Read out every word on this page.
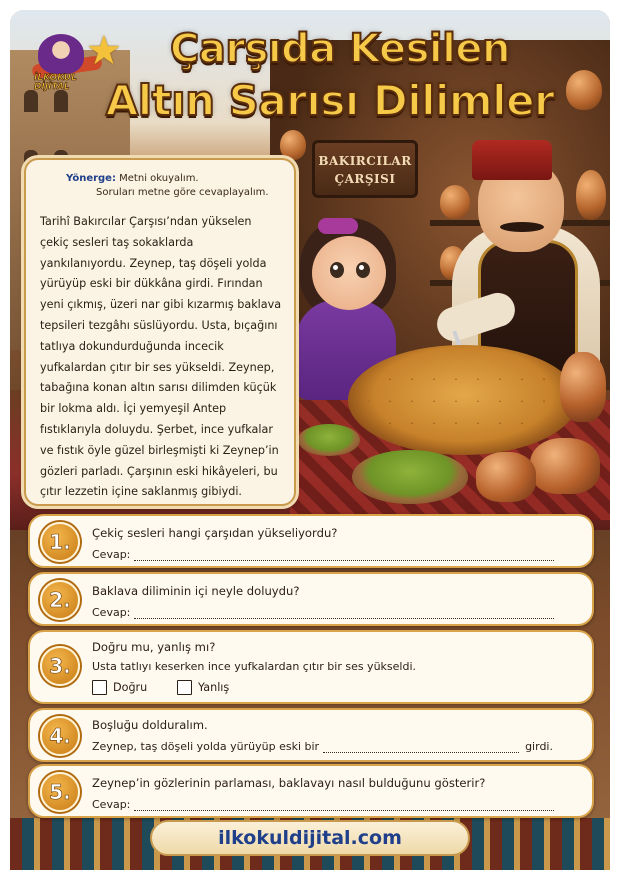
BAKIRCILAR
ÇARŞISI
★
İLKOKUL
DİJİTAL
Çarşıda Kesilen
Altın Sarısı Dilimler
Yönerge: Metni okuyalım.
Soruları metne göre cevaplayalım.

Tarihî Bakırcılar Çarşısı’ndan yükselen çekiç sesleri taş sokaklarda yankılanıyordu. Zeynep, taş döşeli yolda yürüyüp eski bir dükkâna girdi. Fırından yeni çıkmış, üzeri nar gibi kızarmış baklava tepsileri tezgâhı süslüyordu. Usta, bıçağını tatlıya dokundurduğunda incecik yufkalardan çıtır bir ses yükseldi. Zeynep, tabağına konan altın sarısı dilimden küçük bir lokma aldı. İçi yemyeşil Antep fıstıklarıyla doluydu. Şerbet, ince yufkalar ve fıstık öyle güzel birleşmişti ki Zeynep’in gözleri parladı. Çarşının eski hikâyeleri, bu çıtır lezzetin içine saklanmış gibiydi.

1.	Çekiç sesleri hangi çarşıdan yükseliyordu?
Cevap:
2.	Baklava diliminin içi neyle doluydu?
Cevap:
3.
Doğru mu, yanlış mı?
Usta tatlıyı keserken ince yufkalardan çıtır bir ses yükseldi.
Doğru
	Yanlış
4.	Boşluğu dolduralım.
Zeynep, taş döşeli yolda yürüyüp eski bir	girdi.
5.	Zeynep’in gözlerinin parlaması, baklavayı nasıl bulduğunu gösterir?
Cevap:
ilkokuldijital.com
